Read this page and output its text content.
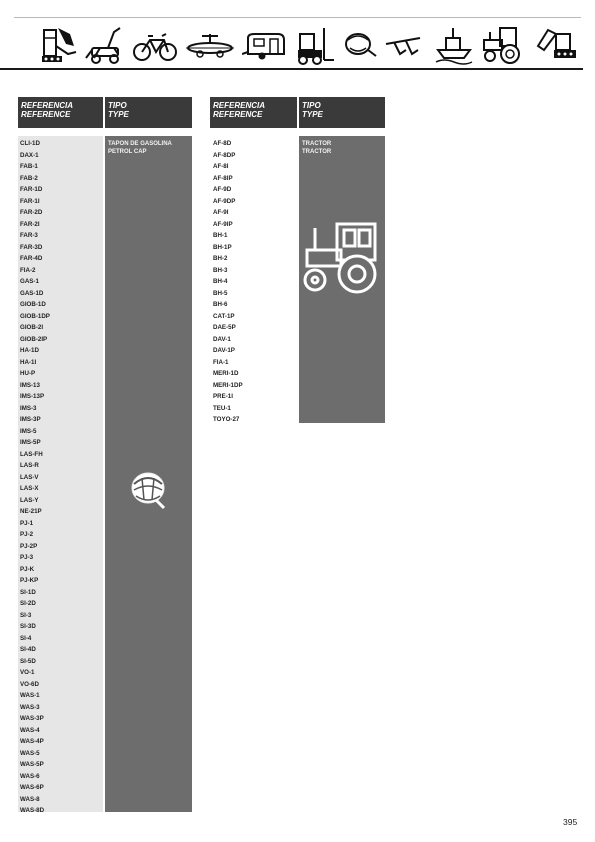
REFERENCIA
REFERENCE
TIPO
TYPE
CLI-1D
DAX-1
FAB-1
FAB-2
FAR-1D
FAR-1I
FAR-2D
FAR-2I
FAR-3
FAR-3D
FAR-4D
FIA-2
GAS-1
GAS-1D
GIOB-1D
GIOB-1DP
GIOB-2I
GIOB-2IP
HA-1D
HA-1I
HU-P
IMS-13
IMS-13P
IMS-3
IMS-3P
IMS-5
IMS-5P
LAS-FH
LAS-R
LAS-V
LAS-X
LAS-Y
NE-21P
PJ-1
PJ-2
PJ-2P
PJ-3
PJ-K
PJ-KP
SI-1D
SI-2D
SI-3
SI-3D
SI-4
SI-4D
SI-5D
VO-1
VO-6D
WAS-1
WAS-3
WAS-3P
WAS-4
WAS-4P
WAS-5
WAS-5P
WAS-6
WAS-6P
WAS-8
WAS-8D
TAPON DE GASOLINA
PETROL CAP
REFERENCIA
REFERENCE
TIPO
TYPE
AF-8D
AF-8DP
AF-8I
AF-8IP
AF-9D
AF-9DP
AF-9I
AF-9IP
BH-1
BH-1P
BH-2
BH-3
BH-4
BH-5
BH-6
CAT-1P
DAE-5P
DAV-1
DAV-1P
FIA-1
MERI-1D
MERI-1DP
PRE-1I
TEU-1
TOYO-27
TRACTOR
TRACTOR
395
